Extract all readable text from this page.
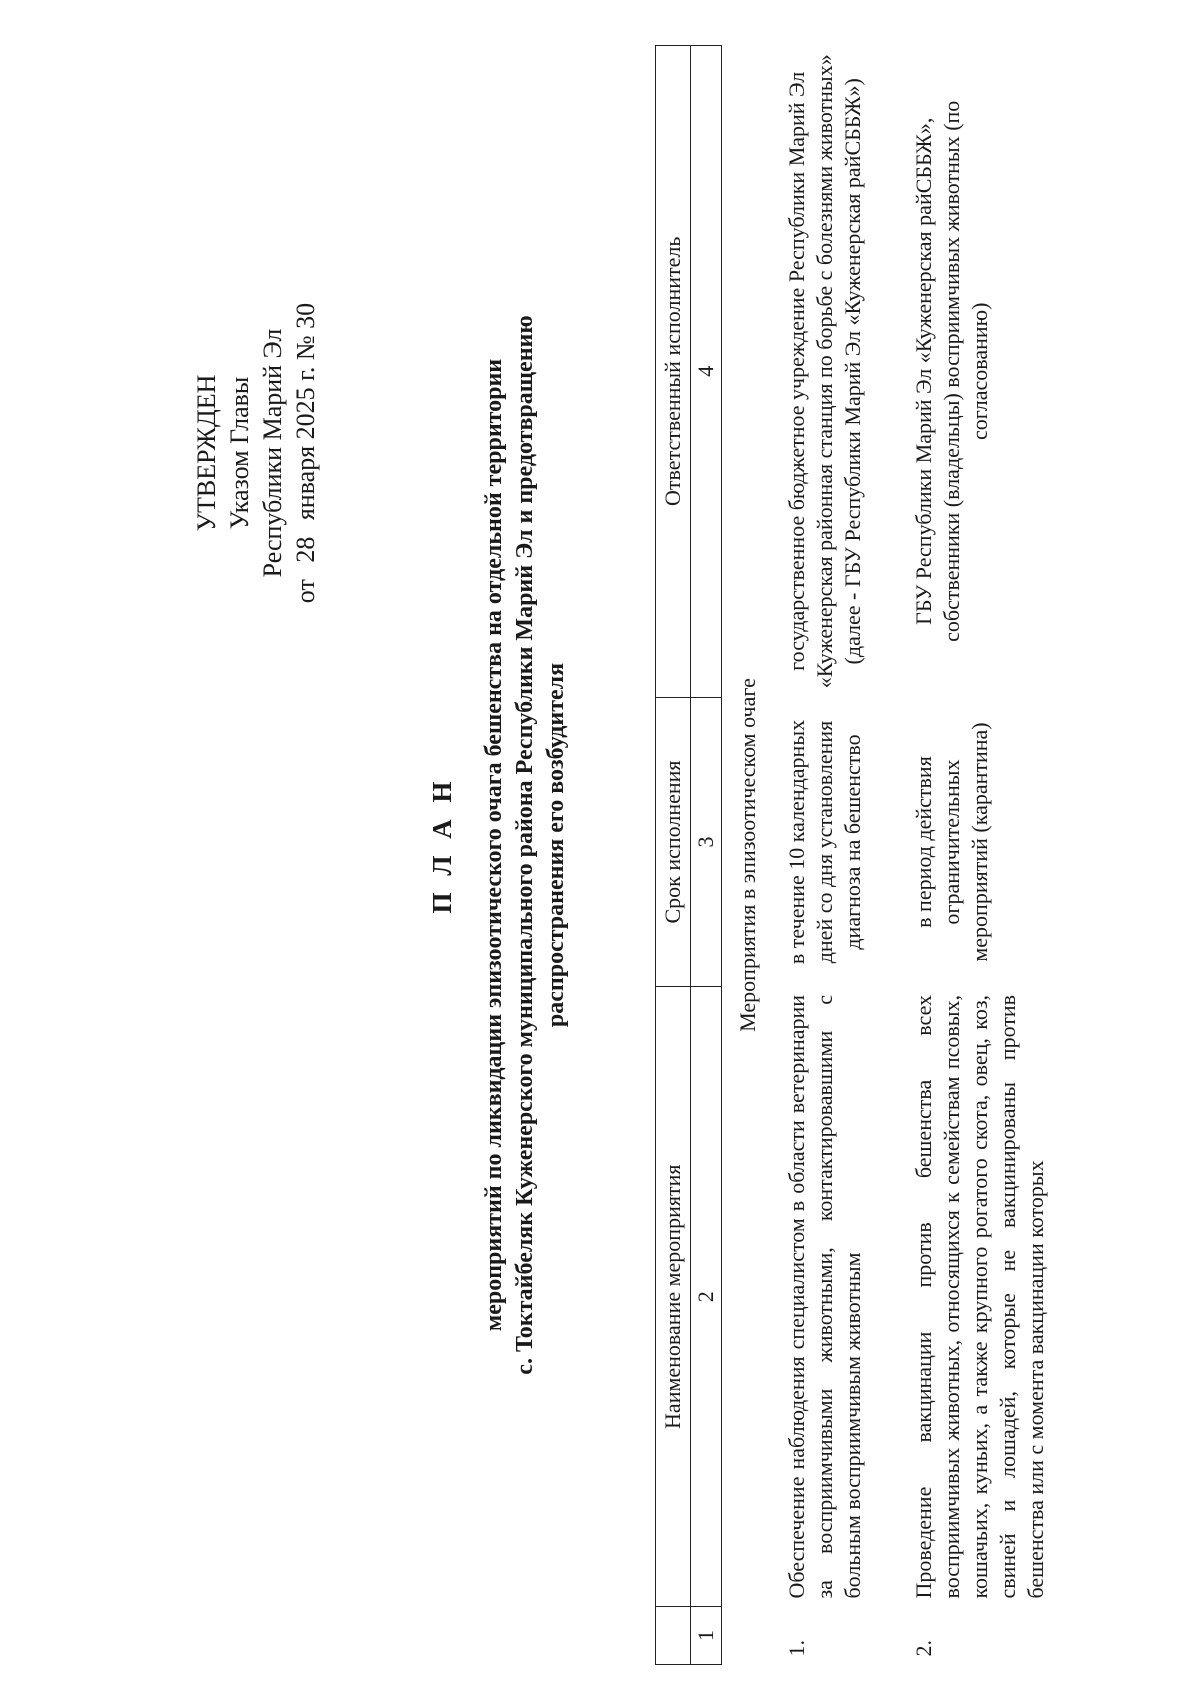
УТВЕРЖДЕН Указом Главы Республики Марий Эл
от 28 января 2025 г. № 30
П Л А Н мероприятий по ликвидации эпизоотического очага бешенства на отдельной территории с. Toктайбеляк Куженерского муниципального района Республики Марий Эл и предотвращению распространения его возбудителя
	Наименование мероприятия	Срок исполнения	Ответственный исполнитель
1	2	3	4
Мероприятия в эпизоотическом очаге			
1.	Обеспечение наблюдения специалистом в области ветеринарии за восприимчивыми животными, контактировавшими с больным восприимчивым животным	в течение 10 календарных дней со дня установления диагноза на бешенство	государственное бюджетное учреждение Республики Марий Эл «Куженерская районная станция по борьбе с болезнями животных» (далее - ГБУ Республики Марий Эл «Куженерская райСББЖ»)
2.	Проведение вакцинации против бешенства всех восприимчивых животных, относящихся к семействам псовых, кошачьих, куньих, а также крупного рогатого скота, овец, коз, свиней и лошадей, которые не вакцинированы против бешенства или с момента вакцинации которых	в период действия ограничительных мероприятий (карантина)	ГБУ Республики Марий Эл «Куженерская райСББЖ», собственники (владельцы) восприимчивых животных (по согласованию)
